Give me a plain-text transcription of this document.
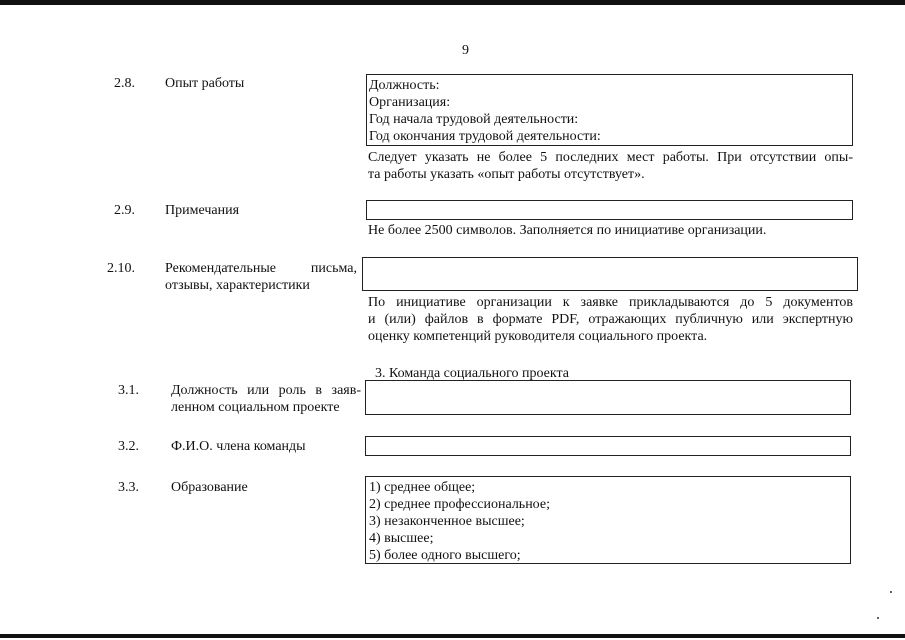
9
2.8. Опыт работы	Должность:
Организация:
Год начала трудовой деятельности:
Год окончания трудовой деятельности:
Следует указать не более 5 последних мест работы. При отсутствии опы-
та работы указать «опыт работы отсутствует».
2.9. Примечания
Не более 2500 символов. Заполняется по инициативе организации.
2.10. Рекомендательные письма,
отзывы, характеристики
По инициативе организации к заявке прикладываются до 5 документов
и (или) файлов в формате PDF, отражающих публичную или экспертную
оценку компетенций руководителя социального проекта.
3. Команда социального проекта
3.1. Должность или роль в заяв-
ленном социальном проекте
3.2. Ф.И.О. члена команды
3.3. Образование	1) среднее общее;
2) среднее профессиональное;
3) незаконченное высшее;
4) высшее;
5) более одного высшего;
